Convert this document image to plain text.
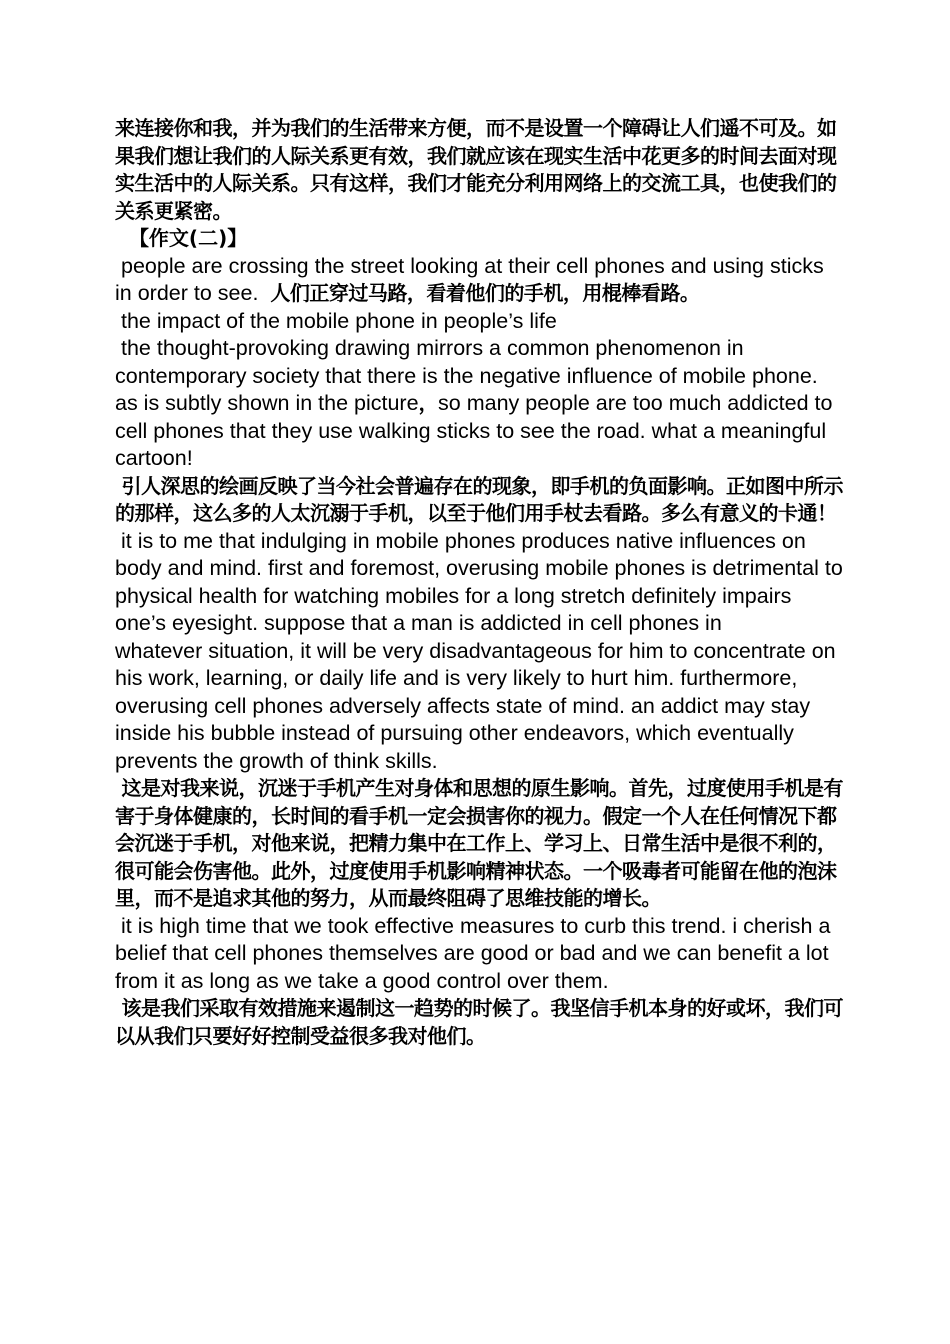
来连接你和我，并为我们的生活带来方便，而不是设置一个障碍让人们遥不可及。如果我们想让我们的人际关系更有效，我们就应该在现实生活中花更多的时间去面对现实生活中的人际关系。只有这样，我们才能充分利用网络上的交流工具，也使我们的关系更紧密。

【作文(二)】

people are crossing the street looking at their cell phones and using sticks in order to see.  人们正穿过马路，看着他们的手机，用棍棒看路。

the impact of the mobile phone in people’s life

the thought-provoking drawing mirrors a common phenomenon in contemporary society that there is the negative influence of mobile phone. as is subtly shown in the picture，so many people are too much addicted to cell phones that they use walking sticks to see the road. what a meaningful cartoon!

引人深思的绘画反映了当今社会普遍存在的现象，即手机的负面影响。正如图中所示的那样，这么多的人太沉溺于手机，以至于他们用手杖去看路。多么有意义的卡通！

it is to me that indulging in mobile phones produces native influences on body and mind. first and foremost, overusing mobile phones is detrimental to physical health for watching mobiles for a long stretch definitely impairs one’s eyesight. suppose that a man is addicted in cell phones in

whatever situation, it will be very disadvantageous for him to concentrate on his work, learning, or daily life and is very likely to hurt him. furthermore, overusing cell phones adversely affects state of mind. an addict may stay inside his bubble instead of pursuing other endeavors, which eventually prevents the growth of think skills.

这是对我来说，沉迷于手机产生对身体和思想的原生影响。首先，过度使用手机是有害于身体健康的，长时间的看手机一定会损害你的视力。假定一个人在任何情况下都会沉迷于手机，对他来说，把精力集中在工作上、学习上、日常生活中是很不利的，很可能会伤害他。此外，过度使用手机影响精神状态。一个吸毒者可能留在他的泡沫里，而不是追求其他的努力，从而最终阻碍了思维技能的增长。

it is high time that we took effective measures to curb this trend. i cherish a belief that cell phones themselves are good or bad and we can benefit a lot from it as long as we take a good control over them.

该是我们采取有效措施来遏制这一趋势的时候了。我坚信手机本身的好或坏，我们可以从我们只要好好控制受益很多我对他们。
